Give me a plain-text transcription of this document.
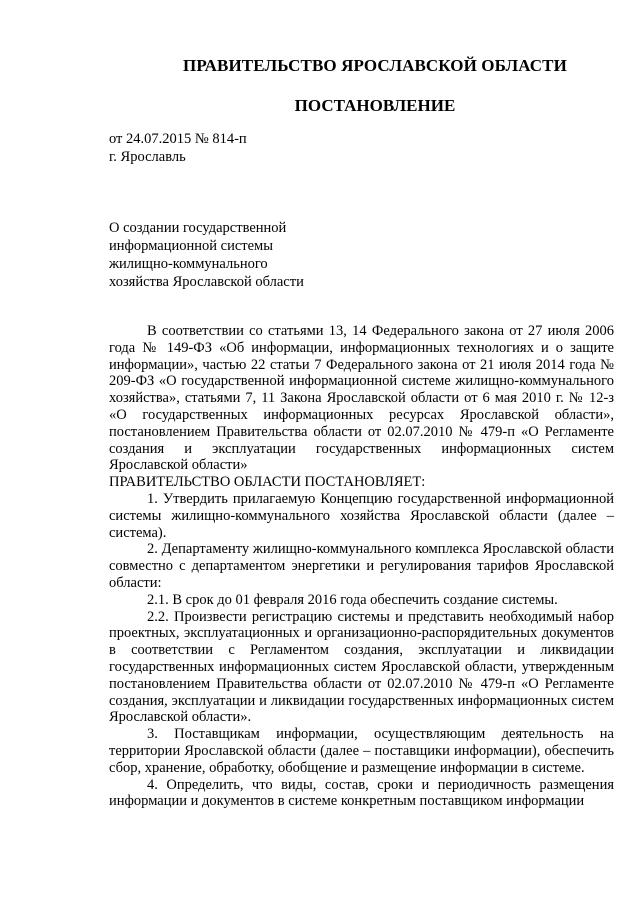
ПРАВИТЕЛЬСТВО ЯРОСЛАВСКОЙ ОБЛАСТИ
ПОСТАНОВЛЕНИЕ
от 24.07.2015 № 814-п
г. Ярославль
О создании государственной
информационной системы
жилищно-коммунального
хозяйства Ярославской области

В соответствии со статьями 13, 14 Федерального закона от 27 июля 2006 года № 149-ФЗ «Об информации, информационных технологиях и о защите информации», частью 22 статьи 7 Федерального закона от 21 июля 2014 года № 209-ФЗ «О государственной информационной системе жилищно-коммунального хозяйства», статьями 7, 11 Закона Ярославской области от 6 мая 2010 г. № 12-з «О государственных информационных ресурсах Ярославской области», постановлением Правительства области от 02.07.2010 № 479-п «О Регламенте создания и эксплуатации государственных информационных систем Ярославской области»

ПРАВИТЕЛЬСТВО ОБЛАСТИ ПОСТАНОВЛЯЕТ:

1. Утвердить прилагаемую Концепцию государственной информационной системы жилищно-коммунального хозяйства Ярославской области (далее – система).

2. Департаменту жилищно-коммунального комплекса Ярославской области совместно с департаментом энергетики и регулирования тарифов Ярославской области:

2.1. В срок до 01 февраля 2016 года обеспечить создание системы.

2.2. Произвести регистрацию системы и представить необходимый набор проектных, эксплуатационных и организационно-распорядительных документов в соответствии с Регламентом создания, эксплуатации и ликвидации государственных информационных систем Ярославской области, утвержденным постановлением Правительства области от 02.07.2010 № 479-п «О Регламенте создания, эксплуатации и ликвидации государственных информационных систем Ярославской области».

3. Поставщикам информации, осуществляющим деятельность на территории Ярославской области (далее – поставщики информации), обеспечить сбор, хранение, обработку, обобщение и размещение информации в системе.

4. Определить, что виды, состав, сроки и периодичность размещения информации и документов в системе конкретным поставщиком информации
